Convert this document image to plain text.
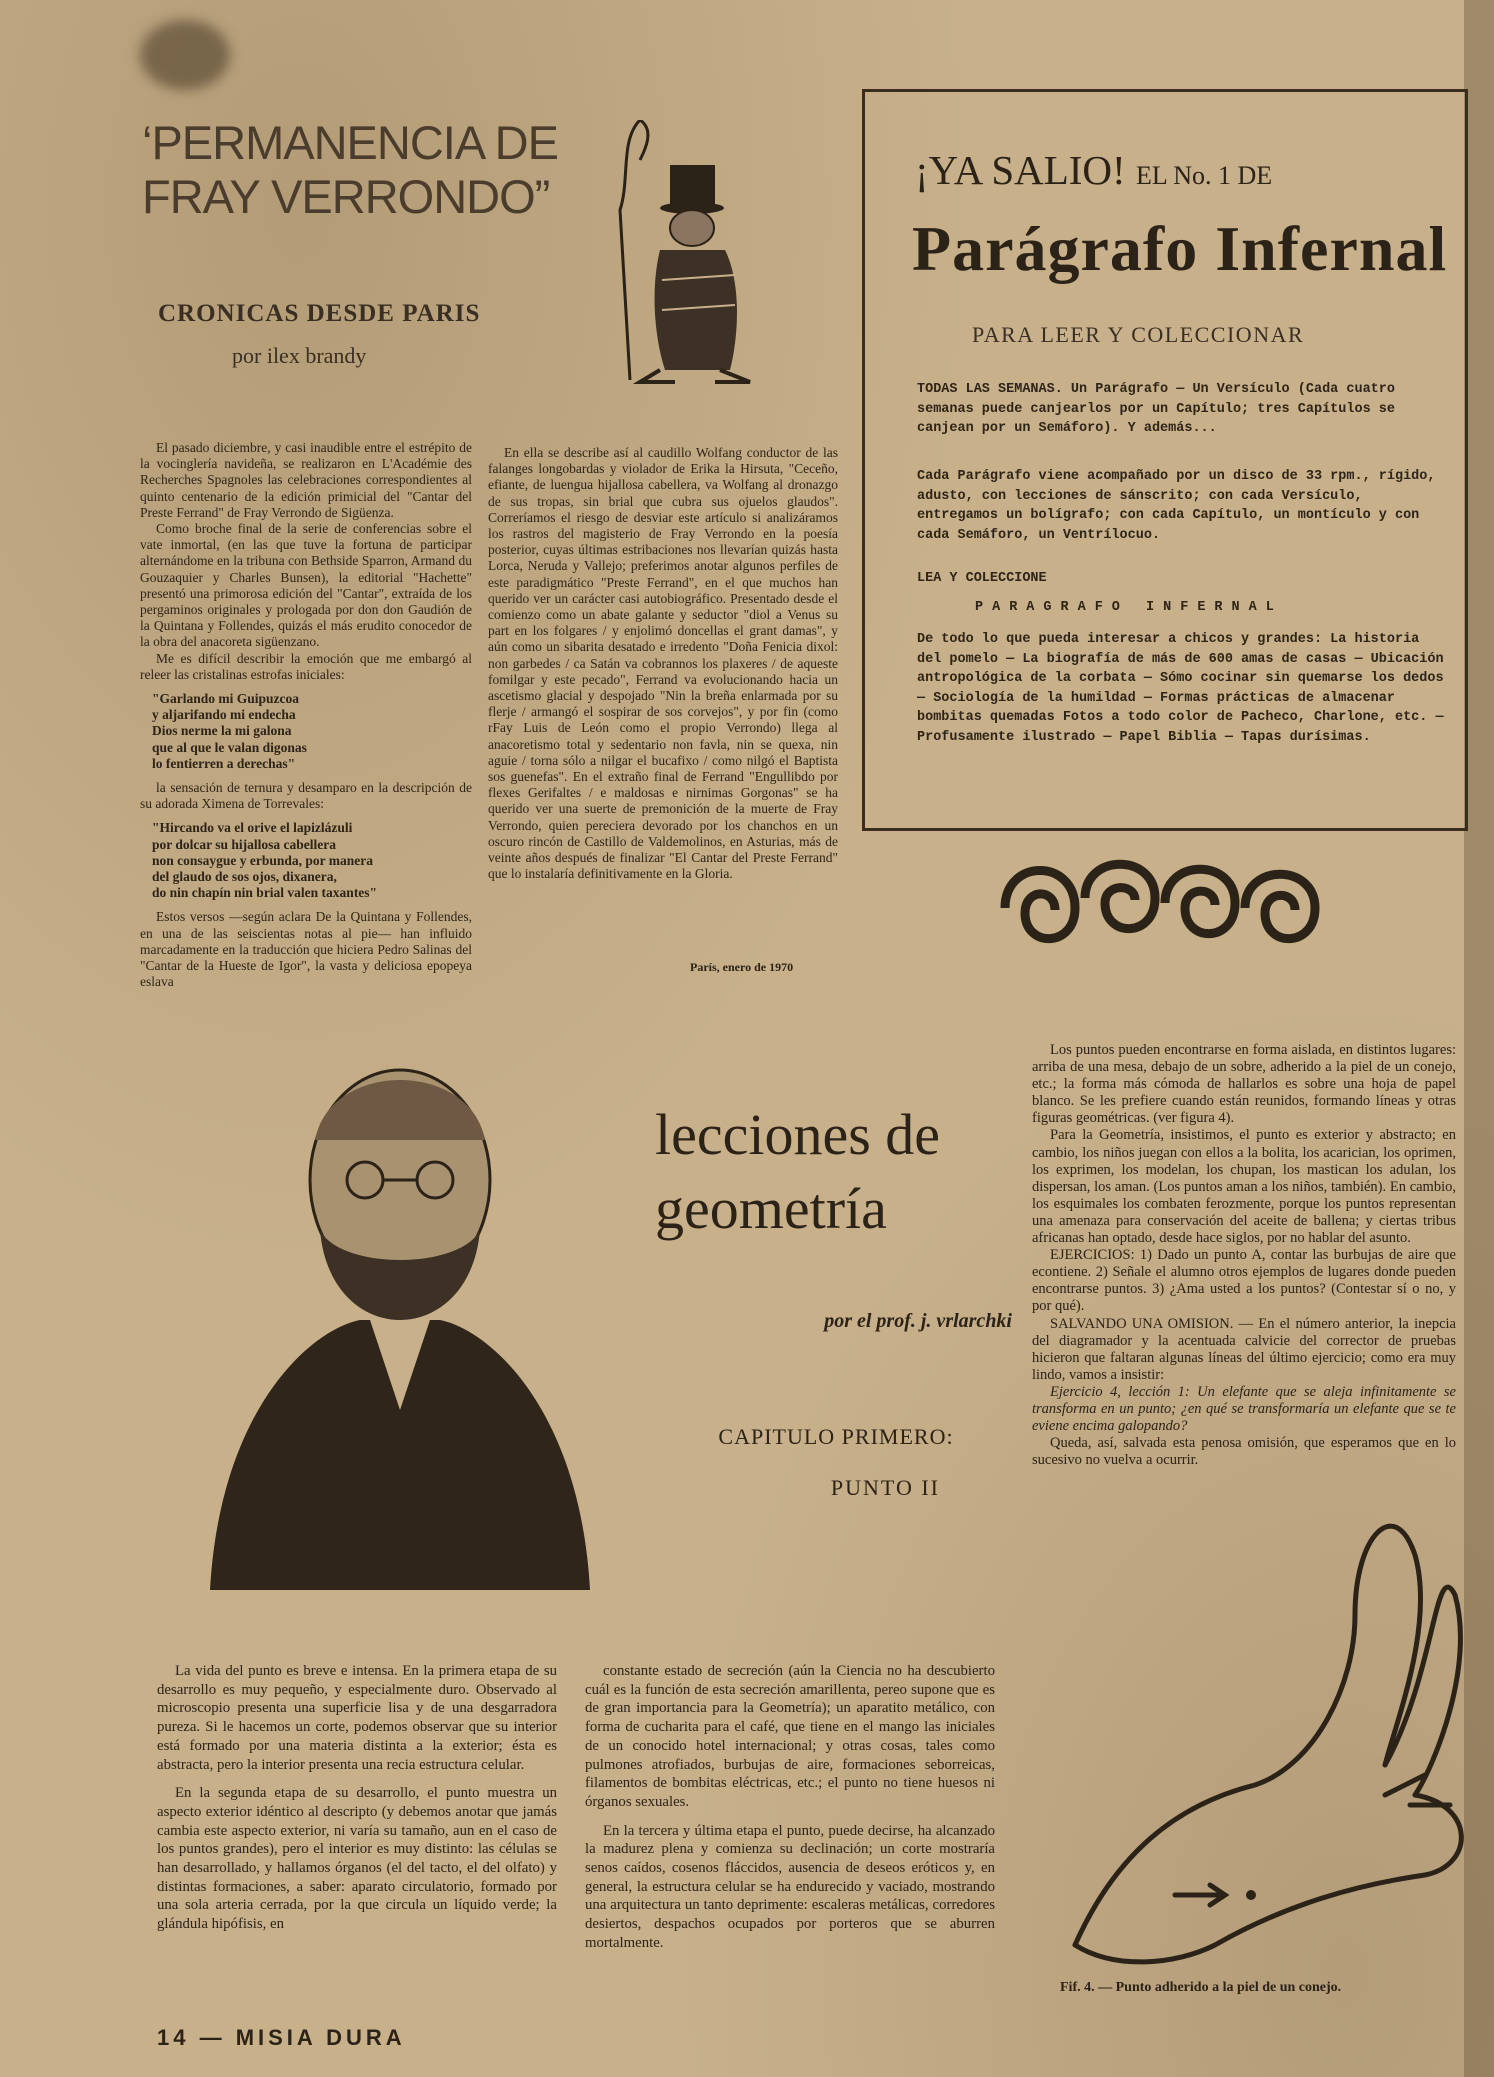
‘PERMANENCIA DE
FRAY VERRONDO”
CRONICAS DESDE PARIS
por ilex brandy

El pasado diciembre, y casi inaudible entre el estrépito de la vocinglería navideña, se realizaron en L'Académie des Recherches Spagnoles las celebraciones correspondientes al quinto centenario de la edición primicial del "Cantar del Preste Ferrand" de Fray Verrondo de Sigüenza.

Como broche final de la serie de conferencias sobre el vate inmortal, (en las que tuve la fortuna de participar alternándome en la tribuna con Bethside Sparron, Armand du Gouzaquier y Charles Bunsen), la editorial "Hachette" presentó una primorosa edición del "Cantar", extraída de los pergaminos originales y prologada por don don Gaudión de la Quintana y Follendes, quizás el más erudito conocedor de la obra del anacoreta sigüenzano.

Me es difícil describir la emoción que me embargó al releer las cristalinas estrofas iniciales:

"Garlando mi Guipuzcoa
y aljarifando mi endecha
Dios nerme la mi galona
que al que le valan digonas
lo fentierren a derechas"

la sensación de ternura y desamparo en la descripción de su adorada Ximena de Torrevales:

"Hircando va el orive el lapizlázuli
por dolcar su hijallosa cabellera
non consaygue y erbunda, por manera
del glaudo de sos ojos, dixanera,
do nin chapín nin brial valen taxantes"

Estos versos —según aclara De la Quintana y Follendes, en una de las seiscientas notas al pie— han influido marcadamente en la traducción que hiciera Pedro Salinas del "Cantar de la Hueste de Igor", la vasta y deliciosa epopeya eslava

En ella se describe así al caudillo Wolfang conductor de las falanges longobardas y violador de Erika la Hirsuta, "Ceceño, efiante, de luengua hijallosa cabellera, va Wolfang al dronazgo de sus tropas, sin brial que cubra sus ojuelos glaudos". Correríamos el riesgo de desviar este artículo si analizáramos los rastros del magisterio de Fray Verrondo en la poesía posterior, cuyas últimas estribaciones nos llevarían quizás hasta Lorca, Neruda y Vallejo; preferimos anotar algunos perfiles de este paradigmático "Preste Ferrand", en el que muchos han querido ver un carácter casi autobiográfico. Presentado desde el comienzo como un abate galante y seductor "diol a Venus su part en los folgares / y enjolimó doncellas el grant damas", y aún como un sibarita desatado e irredento "Doña Fenicia dixol: non garbedes / ca Satán va cobrannos los plaxeres / de aqueste fomilgar y este pecado", Ferrand va evolucionando hacia un ascetismo glacial y despojado "Nin la breña enlarmada por su flerje / armangó el sospirar de sos corvejos", y por fin (como rFay Luis de León como el propio Verrondo) llega al anacoretismo total y sedentario non favla, nin se quexa, nin aguie / torna sólo a nilgar el bucafixo / como nilgó el Baptista sos guenefas". En el extraño final de Ferrand "Engullibdo por flexes Gerifaltes / e maldosas e nirnimas Gorgonas" se ha querido ver una suerte de premonición de la muerte de Fray Verrondo, quien pereciera devorado por los chanchos en un oscuro rincón de Castillo de Valdemolinos, en Asturias, más de veinte años después de finalizar "El Cantar del Preste Ferrand" que lo instalaría definitivamente en la Gloria.

París, enero de 1970
¡YA SALIO! EL No. 1 DE
Parágrafo Infernal
PARA LEER Y COLECCIONAR
TODAS LAS SEMANAS. Un Parágrafo — Un Versículo (Cada cuatro semanas puede canjearlos por un Capítulo; tres Capítulos se canjean por un Semáforo). Y además...
Cada Parágrafo viene acompañado por un disco de 33 rpm., rígido, adusto, con lecciones de sánscrito; con cada Versículo, entregamos un bolígrafo; con cada Capítulo, un montículo y con cada Semáforo, un Ventrílocuo.
LEA Y COLECCIONE
PARAGRAFO INFERNAL
De todo lo que pueda interesar a chicos y grandes: La historia del pomelo — La biografía de más de 600 amas de casas — Ubicación antropológica de la corbata — Sómo cocinar sin quemarse los dedos — Sociología de la humildad — Formas prácticas de almacenar bombitas quemadas Fotos a todo color de Pacheco, Charlone, etc. — Profusamente ilustrado — Papel Biblia — Tapas durísimas.
lecciones de
geometría
por el prof. j. vrlarchki
CAPITULO PRIMERO:
PUNTO II

Los puntos pueden encontrarse en forma aislada, en distintos lugares: arriba de una mesa, debajo de un sobre, adherido a la piel de un conejo, etc.; la forma más cómoda de hallarlos es sobre una hoja de papel blanco. Se les prefiere cuando están reunidos, formando líneas y otras figuras geométricas. (ver figura 4).

Para la Geometría, insistimos, el punto es exterior y abstracto; en cambio, los niños juegan con ellos a la bolita, los acarician, los oprimen, los exprimen, los modelan, los chupan, los mastican los adulan, los dispersan, los aman. (Los puntos aman a los niños, también). En cambio, los esquimales los combaten ferozmente, porque los puntos representan una amenaza para conservación del aceite de ballena; y ciertas tribus africanas han optado, desde hace siglos, por no hablar del asunto.

EJERCICIOS: 1) Dado un punto A, contar las burbujas de aire que econtiene. 2) Señale el alumno otros ejemplos de lugares donde pueden encontrarse puntos. 3) ¿Ama usted a los puntos? (Contestar sí o no, y por qué).

SALVANDO UNA OMISION. — En el número anterior, la inepcia del diagramador y la acentuada calvicie del corrector de pruebas hicieron que faltaran algunas líneas del último ejercicio; como era muy lindo, vamos a insistir:

Ejercicio 4, lección 1: Un elefante que se aleja infinitamente se transforma en un punto; ¿en qué se transformaría un elefante que se te eviene encima galopando?

Queda, así, salvada esta penosa omisión, que esperamos que en lo sucesivo no vuelva a ocurrir.

La vida del punto es breve e intensa. En la primera etapa de su desarrollo es muy pequeño, y especialmente duro. Observado al microscopio presenta una superficie lisa y de una desgarradora pureza. Si le hacemos un corte, podemos observar que su interior está formado por una materia distinta a la exterior; ésta es abstracta, pero la interior presenta una recia estructura celular.

En la segunda etapa de su desarrollo, el punto muestra un aspecto exterior idéntico al descripto (y debemos anotar que jamás cambia este aspecto exterior, ni varía su tamaño, aun en el caso de los puntos grandes), pero el interior es muy distinto: las células se han desarrollado, y hallamos órganos (el del tacto, el del olfato) y distintas formaciones, a saber: aparato circulatorio, formado por una sola arteria cerrada, por la que circula un líquido verde; la glándula hipófisis, en

constante estado de secreción (aún la Ciencia no ha descubierto cuál es la función de esta secreción amarillenta, pereo supone que es de gran importancia para la Geometría); un aparatito metálico, con forma de cucharita para el café, que tiene en el mango las iniciales de un conocido hotel internacional; y otras cosas, tales como pulmones atrofiados, burbujas de aire, formaciones seborreicas, filamentos de bombitas eléctricas, etc.; el punto no tiene huesos ni órganos sexuales.

En la tercera y última etapa el punto, puede decirse, ha alcanzado la madurez plena y comienza su declinación; un corte mostraría senos caídos, cosenos fláccidos, ausencia de deseos eróticos y, en general, la estructura celular se ha endurecido y vaciado, mostrando una arquitectura un tanto deprimente: escaleras metálicas, corredores desiertos, despachos ocupados por porteros que se aburren mortalmente.

Fif. 4. — Punto adherido a la piel de un conejo.
14 — MISIA DURA
